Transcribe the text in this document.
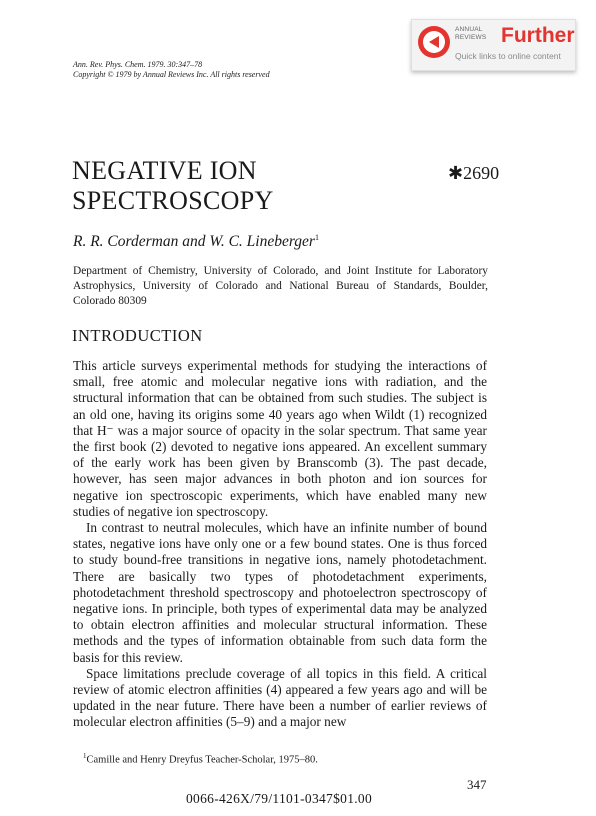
ANNUAL
REVIEWS Further
Quick links to online content
Ann. Rev. Phys. Chem. 1979. 30:347–78
Copyright © 1979 by Annual Reviews Inc. All rights reserved
NEGATIVE ION
SPECTROSCOPY
✱2690
R. R. Corderman and W. C. Lineberger$^1$
Department of Chemistry, University of Colorado, and Joint Institute for Laboratory Astrophysics, University of Colorado and National Bureau of Standards, Boulder, Colorado 80309
INTRODUCTION

This article surveys experimental methods for studying the interactions of small, free atomic and molecular negative ions with radiation, and the structural information that can be obtained from such studies. The subject is an old one, having its origins some 40 years ago when Wildt (1) recognized that H⁻ was a major source of opacity in the solar spectrum. That same year the first book (2) devoted to negative ions appeared. An excellent summary of the early work has been given by Branscomb (3). The past decade, however, has seen major advances in both photon and ion sources for negative ion spectroscopic experiments, which have enabled many new studies of negative ion spectroscopy.

In contrast to neutral molecules, which have an infinite number of bound states, negative ions have only one or a few bound states. One is thus forced to study bound-free transitions in negative ions, namely photodetachment. There are basically two types of photodetachment experiments, photodetachment threshold spectroscopy and photoelectron spectroscopy of negative ions. In principle, both types of experimental data may be analyzed to obtain electron affinities and molecular structural information. These methods and the types of information obtainable from such data form the basis for this review.

Space limitations preclude coverage of all topics in this field. A critical review of atomic electron affinities (4) appeared a few years ago and will be updated in the near future. There have been a number of earlier reviews of molecular electron affinities (5–9) and a major new

$^1$Camille and Henry Dreyfus Teacher-Scholar, 1975–80.
347
0066-426X/79/1101-0347$01.00
